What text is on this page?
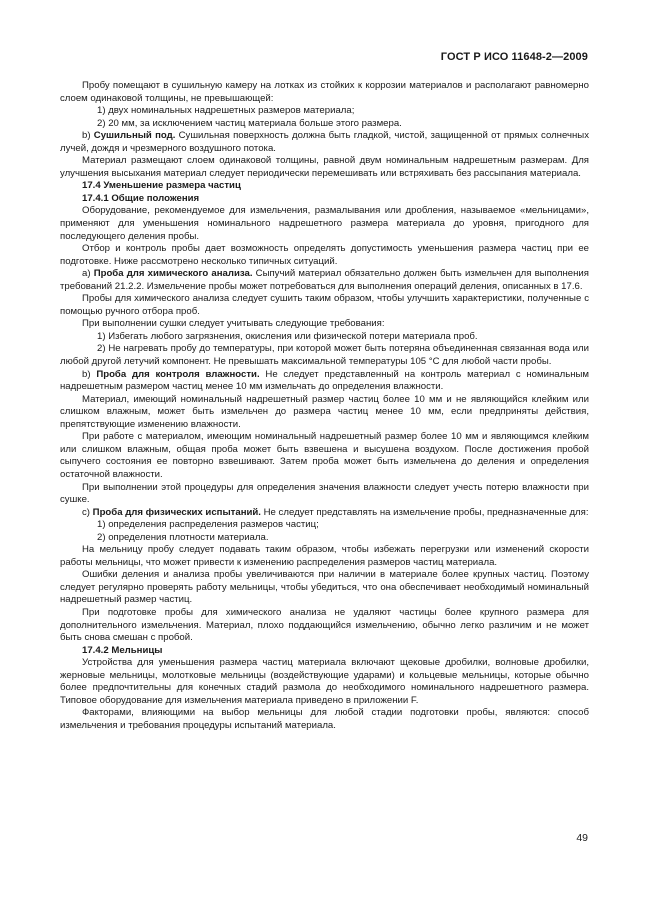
ГОСТ Р ИСО 11648-2—2009

Пробу помещают в сушильную камеру на лотках из стойких к коррозии материалов и располагают равномерно слоем одинаковой толщины, не превышающей:

1) двух номинальных надрешетных размеров материала;

2) 20 мм, за исключением частиц материала больше этого размера.

b) Сушильный под. Сушильная поверхность должна быть гладкой, чистой, защищенной от прямых солнечных лучей, дождя и чрезмерного воздушного потока.

Материал размещают слоем одинаковой толщины, равной двум номинальным надрешетным размерам. Для улучшения высыхания материал следует периодически перемешивать или встряхивать без рассыпания материала.

17.4 Уменьшение размера частиц

17.4.1 Общие положения

Оборудование, рекомендуемое для измельчения, размалывания или дробления, называемое «мельницами», применяют для уменьшения номинального надрешетного размера материала до уровня, пригодного для последующего деления пробы.

Отбор и контроль пробы дает возможность определять допустимость уменьшения размера частиц при ее подготовке. Ниже рассмотрено несколько типичных ситуаций.

a) Проба для химического анализа. Сыпучий материал обязательно должен быть измельчен для выполнения требований 21.2.2. Измельчение пробы может потребоваться для выполнения операций деления, описанных в 17.6.

Пробы для химического анализа следует сушить таким образом, чтобы улучшить характеристики, полученные с помощью ручного отбора проб.

При выполнении сушки следует учитывать следующие требования:

1) Избегать любого загрязнения, окисления или физической потери материала проб.

2) Не нагревать пробу до температуры, при которой может быть потеряна объединенная связанная вода или любой другой летучий компонент. Не превышать максимальной температуры 105 °С для любой части пробы.

b) Проба для контроля влажности. Не следует представленный на контроль материал с номинальным надрешетным размером частиц менее 10 мм измельчать до определения влажности.

Материал, имеющий номинальный надрешетный размер частиц более 10 мм и не являющийся клейким или слишком влажным, может быть измельчен до размера частиц менее 10 мм, если предприняты действия, препятствующие изменению влажности.

При работе с материалом, имеющим номинальный надрешетный размер более 10 мм и являющимся клейким или слишком влажным, общая проба может быть взвешена и высушена воздухом. После достижения пробой сыпучего состояния ее повторно взвешивают. Затем проба может быть измельчена до деления и определения остаточной влажности.

При выполнении этой процедуры для определения значения влажности следует учесть потерю влажности при сушке.

c) Проба для физических испытаний. Не следует представлять на измельчение пробы, предназначенные для:

1) определения распределения размеров частиц;

2) определения плотности материала.

На мельницу пробу следует подавать таким образом, чтобы избежать перегрузки или изменений скорости работы мельницы, что может привести к изменению распределения размеров частиц материала.

Ошибки деления и анализа пробы увеличиваются при наличии в материале более крупных частиц. Поэтому следует регулярно проверять работу мельницы, чтобы убедиться, что она обеспечивает необходимый номинальный надрешетный размер частиц.

При подготовке пробы для химического анализа не удаляют частицы более крупного размера для дополнительного измельчения. Материал, плохо поддающийся измельчению, обычно легко различим и не может быть снова смешан с пробой.

17.4.2 Мельницы

Устройства для уменьшения размера частиц материала включают щековые дробилки, волновые дробилки, жерновые мельницы, молотковые мельницы (воздействующие ударами) и кольцевые мельницы, которые обычно более предпочтительны для конечных стадий размола до необходимого номинального надрешетного размера. Типовое оборудование для измельчения материала приведено в приложении F.

Факторами, влияющими на выбор мельницы для любой стадии подготовки пробы, являются: способ измельчения и требования процедуры испытаний материала.

49
